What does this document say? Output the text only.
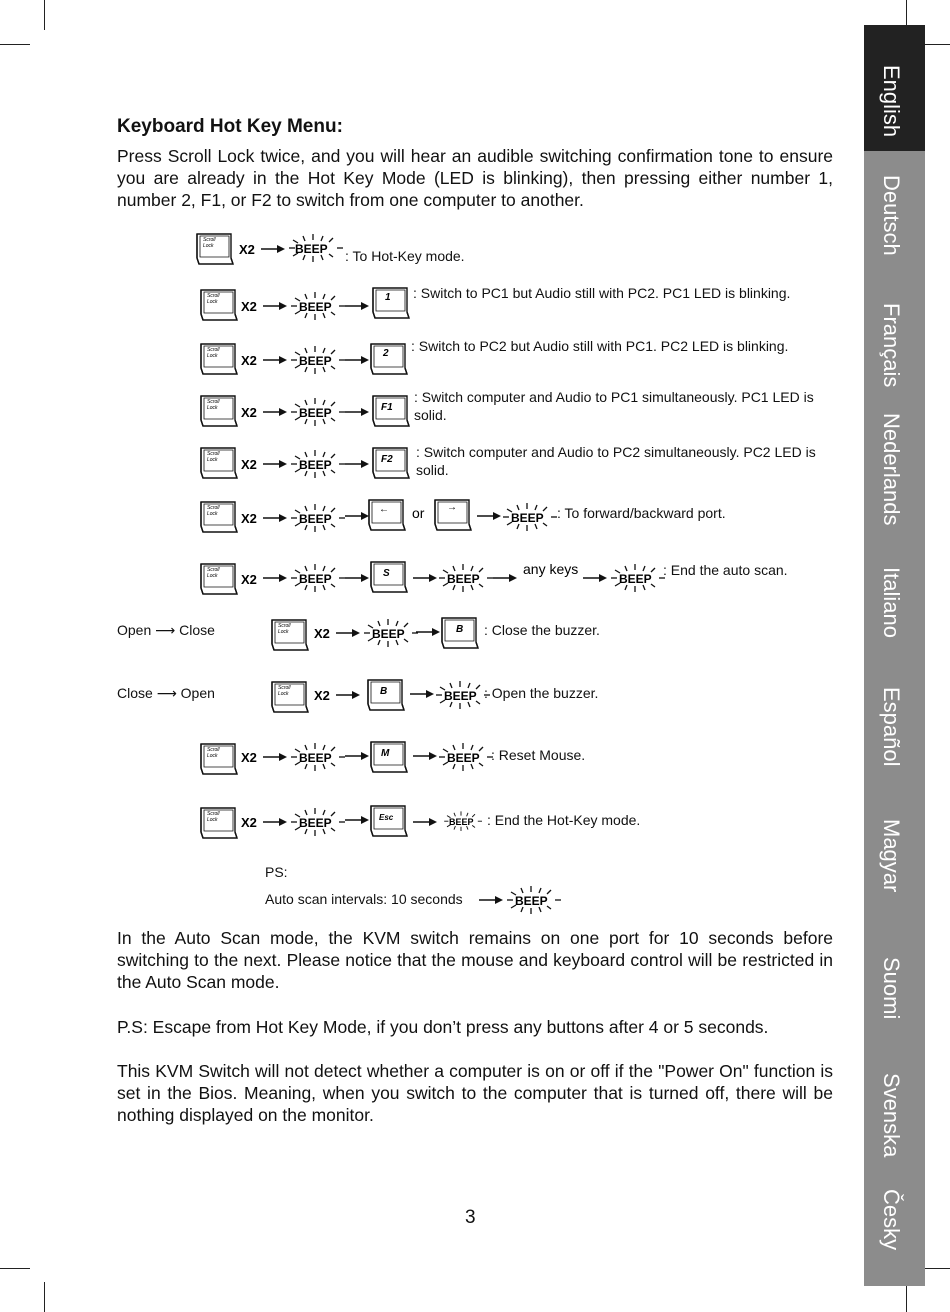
English
Deutsch
Français
Nederlands
Italiano
Español
Magyar
Suomi
Svenska
Česky
Keyboard Hot Key Menu:

Press Scroll Lock twice, and you will hear an audible switching confirmation tone to ensure you are already in the Hot Key Mode (LED is blinking), then pressing either number 1, number 2, F1, or F2 to switch from one computer to another.

Scroll
Lock X2	BEEP : To Hot-Key mode.
Scroll
Lock X2	BEEP
1 : Switch to PC1 but Audio still with PC2. PC1 LED is blinking.
Scroll
Lock X2	BEEP
2 : Switch to PC2 but Audio still with PC1. PC2 LED is blinking.
Scroll
Lock X2	BEEP	F1
: Switch computer and Audio to PC1 simultaneously. PC1 LED is solid.
Scroll
Lock X2	BEEP	F2 : Switch computer and Audio to PC2 simultaneously. PC2 LED is solid.
Scroll
Lock X2	BEEP
← or →
BEEP : To forward/backward port.
Scroll
Lock X2	BEEP	S	BEEP
any keys
BEEP
: End the auto scan.
Open ⟶ Close	Scroll
Lock X2	BEEP	B : Close the buzzer.
Close ⟶ Open	Scroll
Lock X2	B	BEEP : Open the buzzer.
Scroll
Lock X2	BEEP	M	BEEP : Reset Mouse.
Scroll
Lock X2	BEEP	Esc	BEEP : End the Hot-Key mode.
PS:
Auto scan intervals: 10 seconds	BEEP

In the Auto Scan mode, the KVM switch remains on one port for 10 seconds before switching to the next. Please notice that the mouse and keyboard control will be restricted in the Auto Scan mode.

P.S: Escape from Hot Key Mode, if you don’t press any buttons after 4 or 5 seconds.

This KVM Switch will not detect whether a computer is on or off if the "Power On" function is set in the Bios. Meaning, when you switch to the computer that is turned off, there will be nothing displayed on the monitor.

3
